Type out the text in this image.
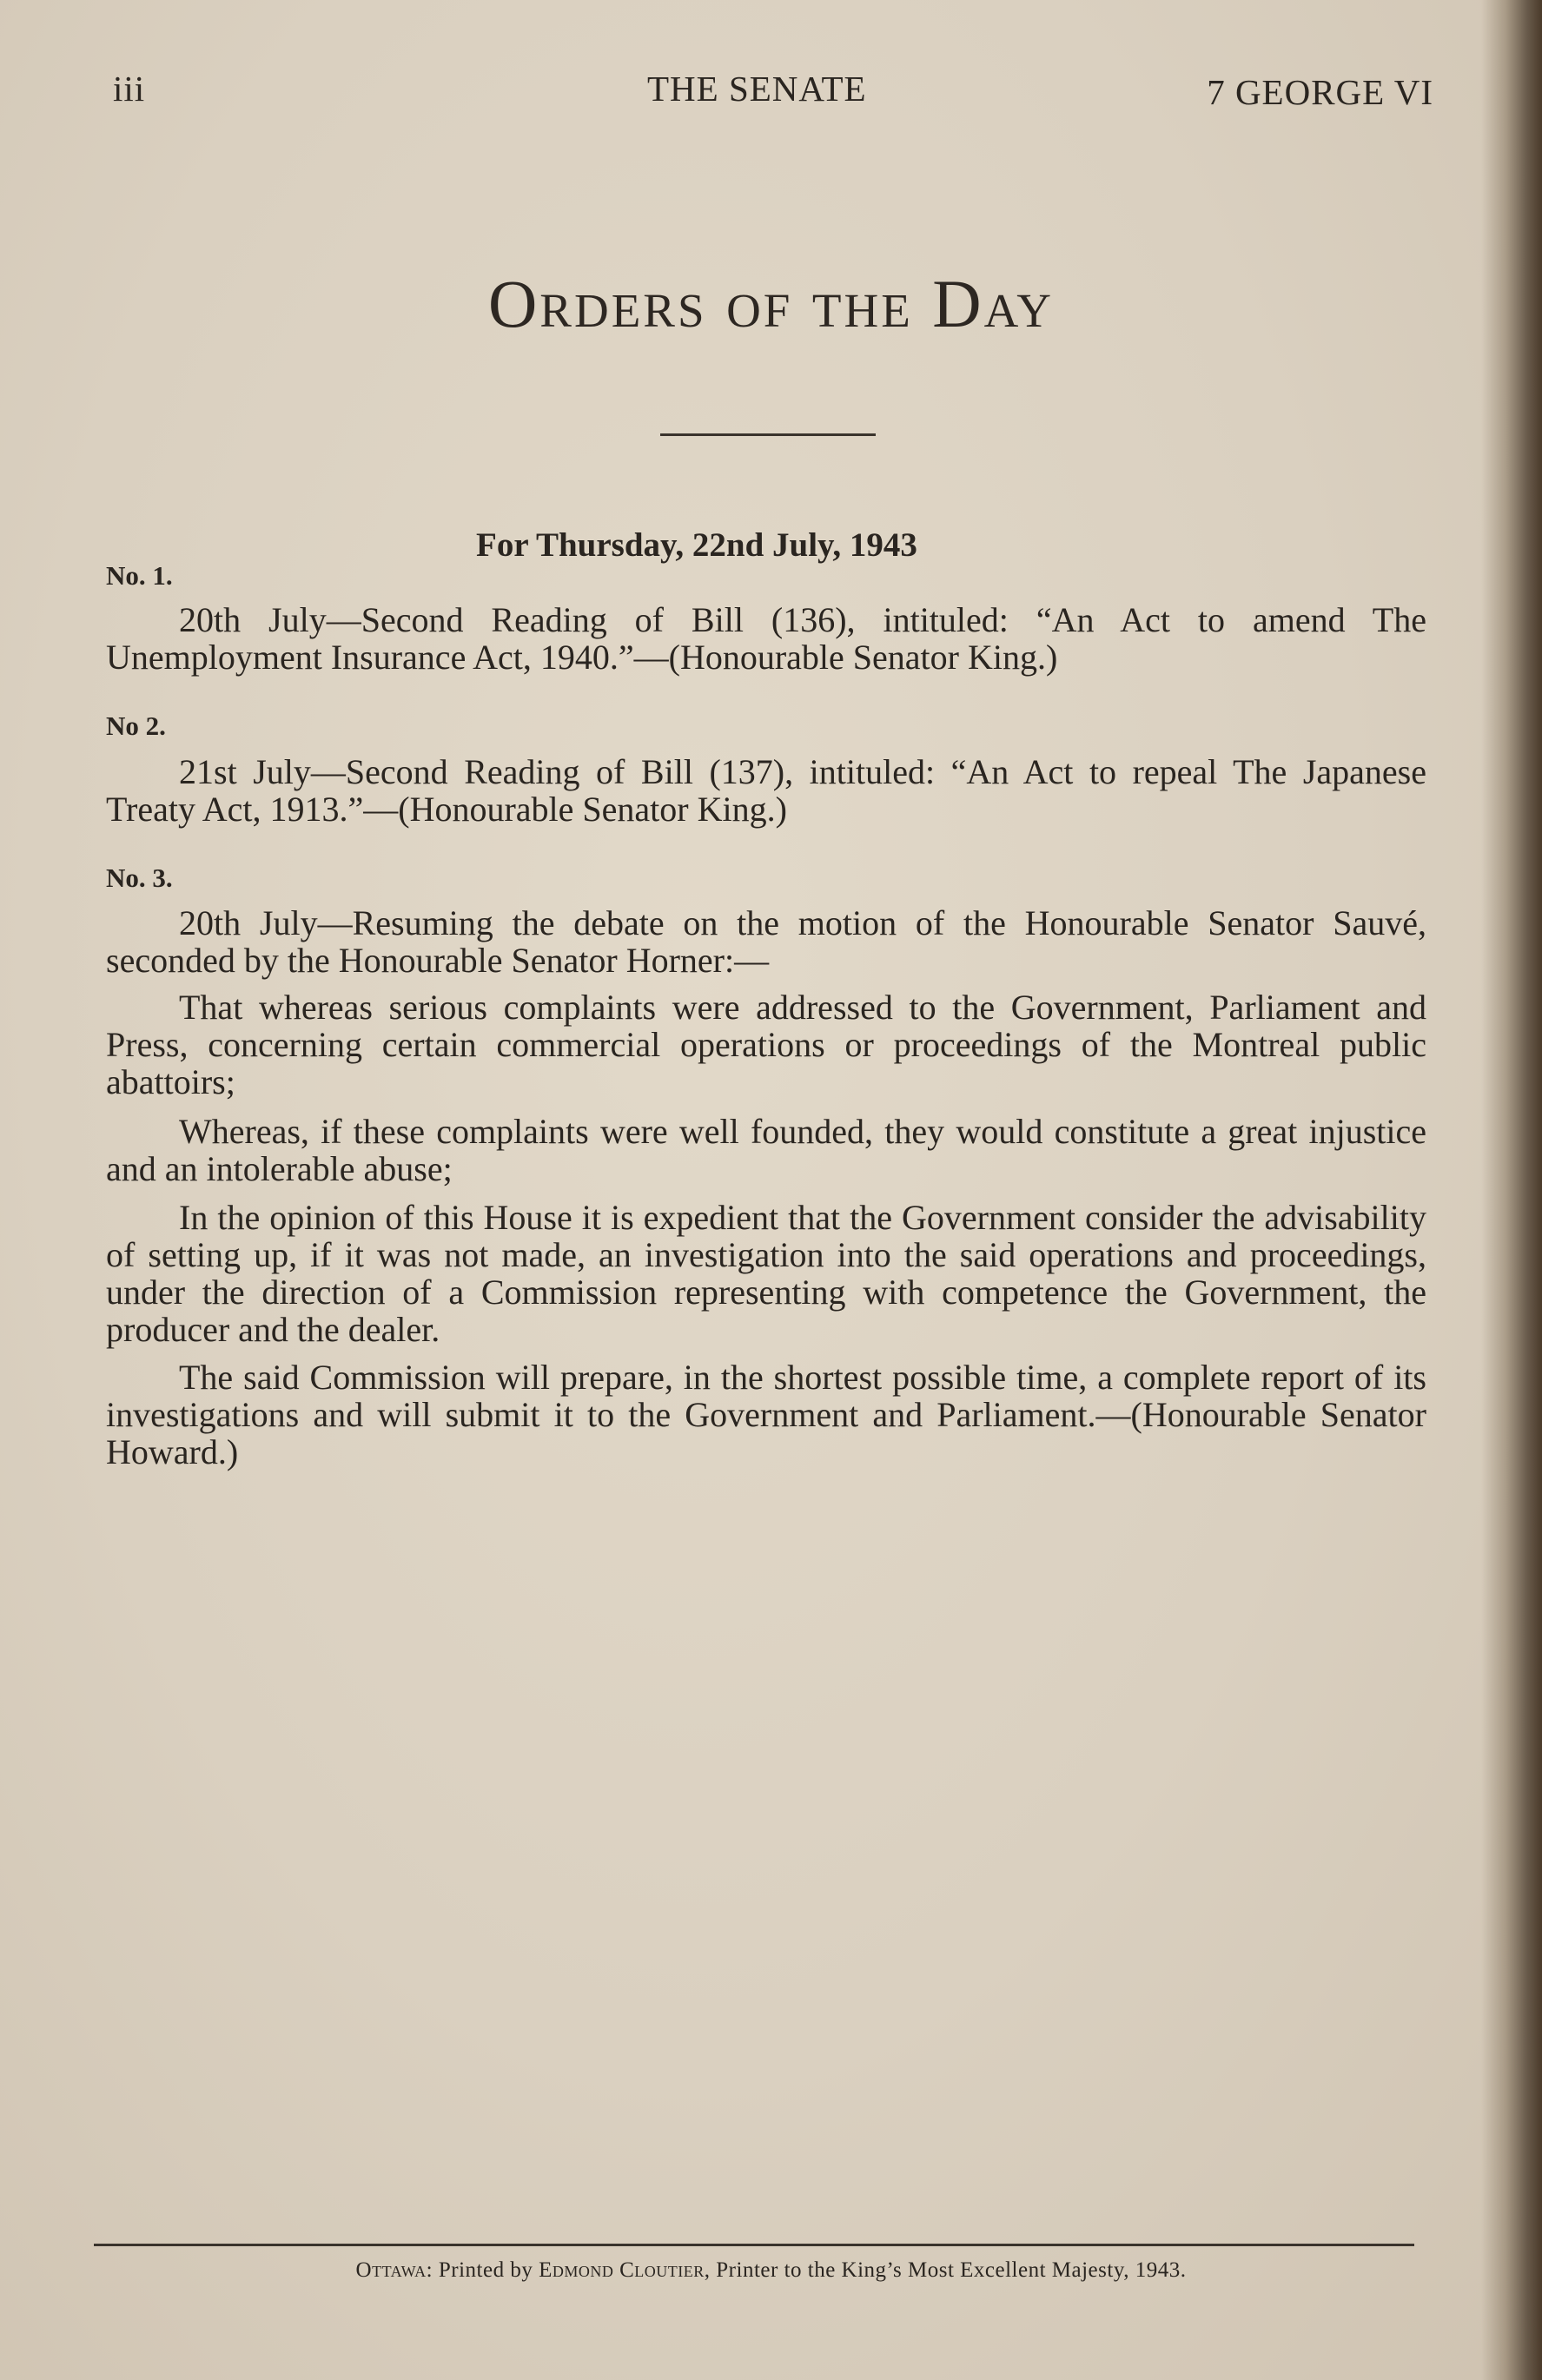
iii	THE SENATE	7 GEORGE VI
Orders of the Day
For Thursday, 22nd July, 1943
No. 1.
20th July—Second Reading of Bill (136), intituled: “An Act to amend The Unemployment Insurance Act, 1940.”—(Honourable Senator King.)
No 2.
21st July—Second Reading of Bill (137), intituled: “An Act to repeal The Japanese Treaty Act, 1913.”—(Honourable Senator King.)
No. 3.
20th July—Resuming the debate on the motion of the Honourable Senator Sauvé, seconded by the Honourable Senator Horner:—
That whereas serious complaints were addressed to the Government, Parliament and Press, concerning certain commercial operations or proceedings of the Montreal public abattoirs;
Whereas, if these complaints were well founded, they would constitute a great injustice and an intolerable abuse;
In the opinion of this House it is expedient that the Government consider the advisability of setting up, if it was not made, an investigation into the said operations and proceedings, under the direction of a Commission representing with competence the Government, the producer and the dealer.
The said Commission will prepare, in the shortest possible time, a complete report of its investigations and will submit it to the Government and Parliament.—(Honourable Senator Howard.)
Ottawa: Printed by Edmond Cloutier, Printer to the King’s Most Excellent Majesty, 1943.
